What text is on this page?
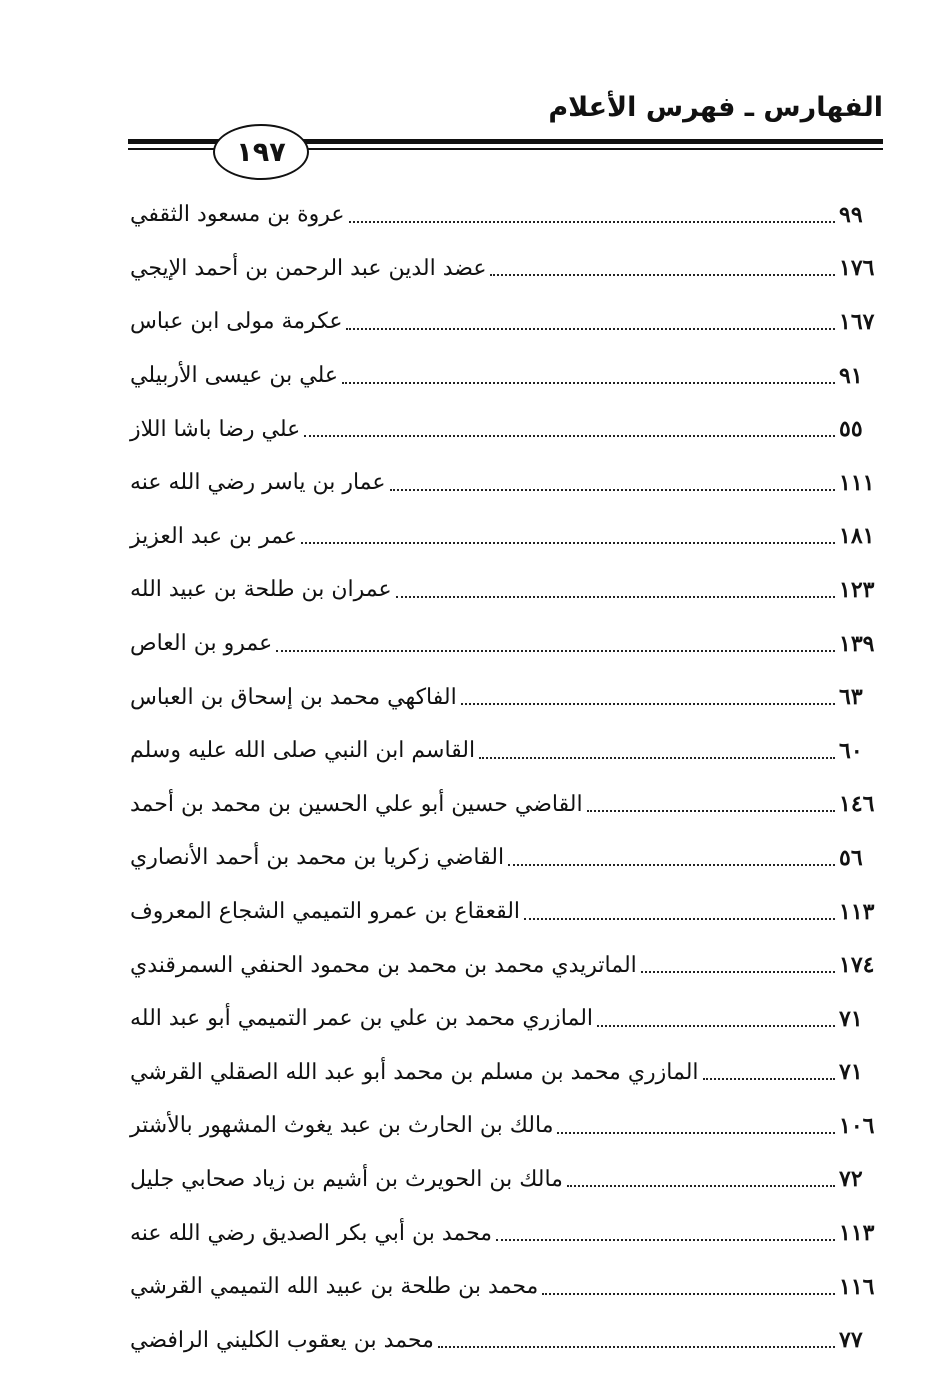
الفهارس ـ فهرس الأعلام
١٩٧
عروة بن مسعود الثقفي	٩٩
عضد الدين عبد الرحمن بن أحمد الإيجي	١٧٦
عكرمة مولى ابن عباس	١٦٧
علي بن عيسى الأربيلي	٩١
علي رضا باشا اللاز	٥٥
عمار بن ياسر رضي الله عنه	١١١
عمر بن عبد العزيز	١٨١
عمران بن طلحة بن عبيد الله	١٢٣
عمرو بن العاص	١٣٩
الفاكهي محمد بن إسحاق بن العباس	٦٣
القاسم ابن النبي صلى الله عليه وسلم	٦٠
القاضي حسين أبو علي الحسين بن محمد بن أحمد	١٤٦
القاضي زكريا بن محمد بن أحمد الأنصاري	٥٦
القعقاع بن عمرو التميمي الشجاع المعروف	١١٣
الماتريدي محمد بن محمد بن محمود الحنفي السمرقندي	١٧٤
المازري محمد بن علي بن عمر التميمي أبو عبد الله	٧١
المازري محمد بن مسلم بن محمد أبو عبد الله الصقلي القرشي	٧١
مالك بن الحارث بن عبد يغوث المشهور بالأشتر	١٠٦
مالك بن الحويرث بن أشيم بن زياد صحابي جليل	٧٢
محمد بن أبي بكر الصديق رضي الله عنه	١١٣
محمد بن طلحة بن عبيد الله التميمي القرشي	١١٦
محمد بن يعقوب الكليني الرافضي	٧٧
